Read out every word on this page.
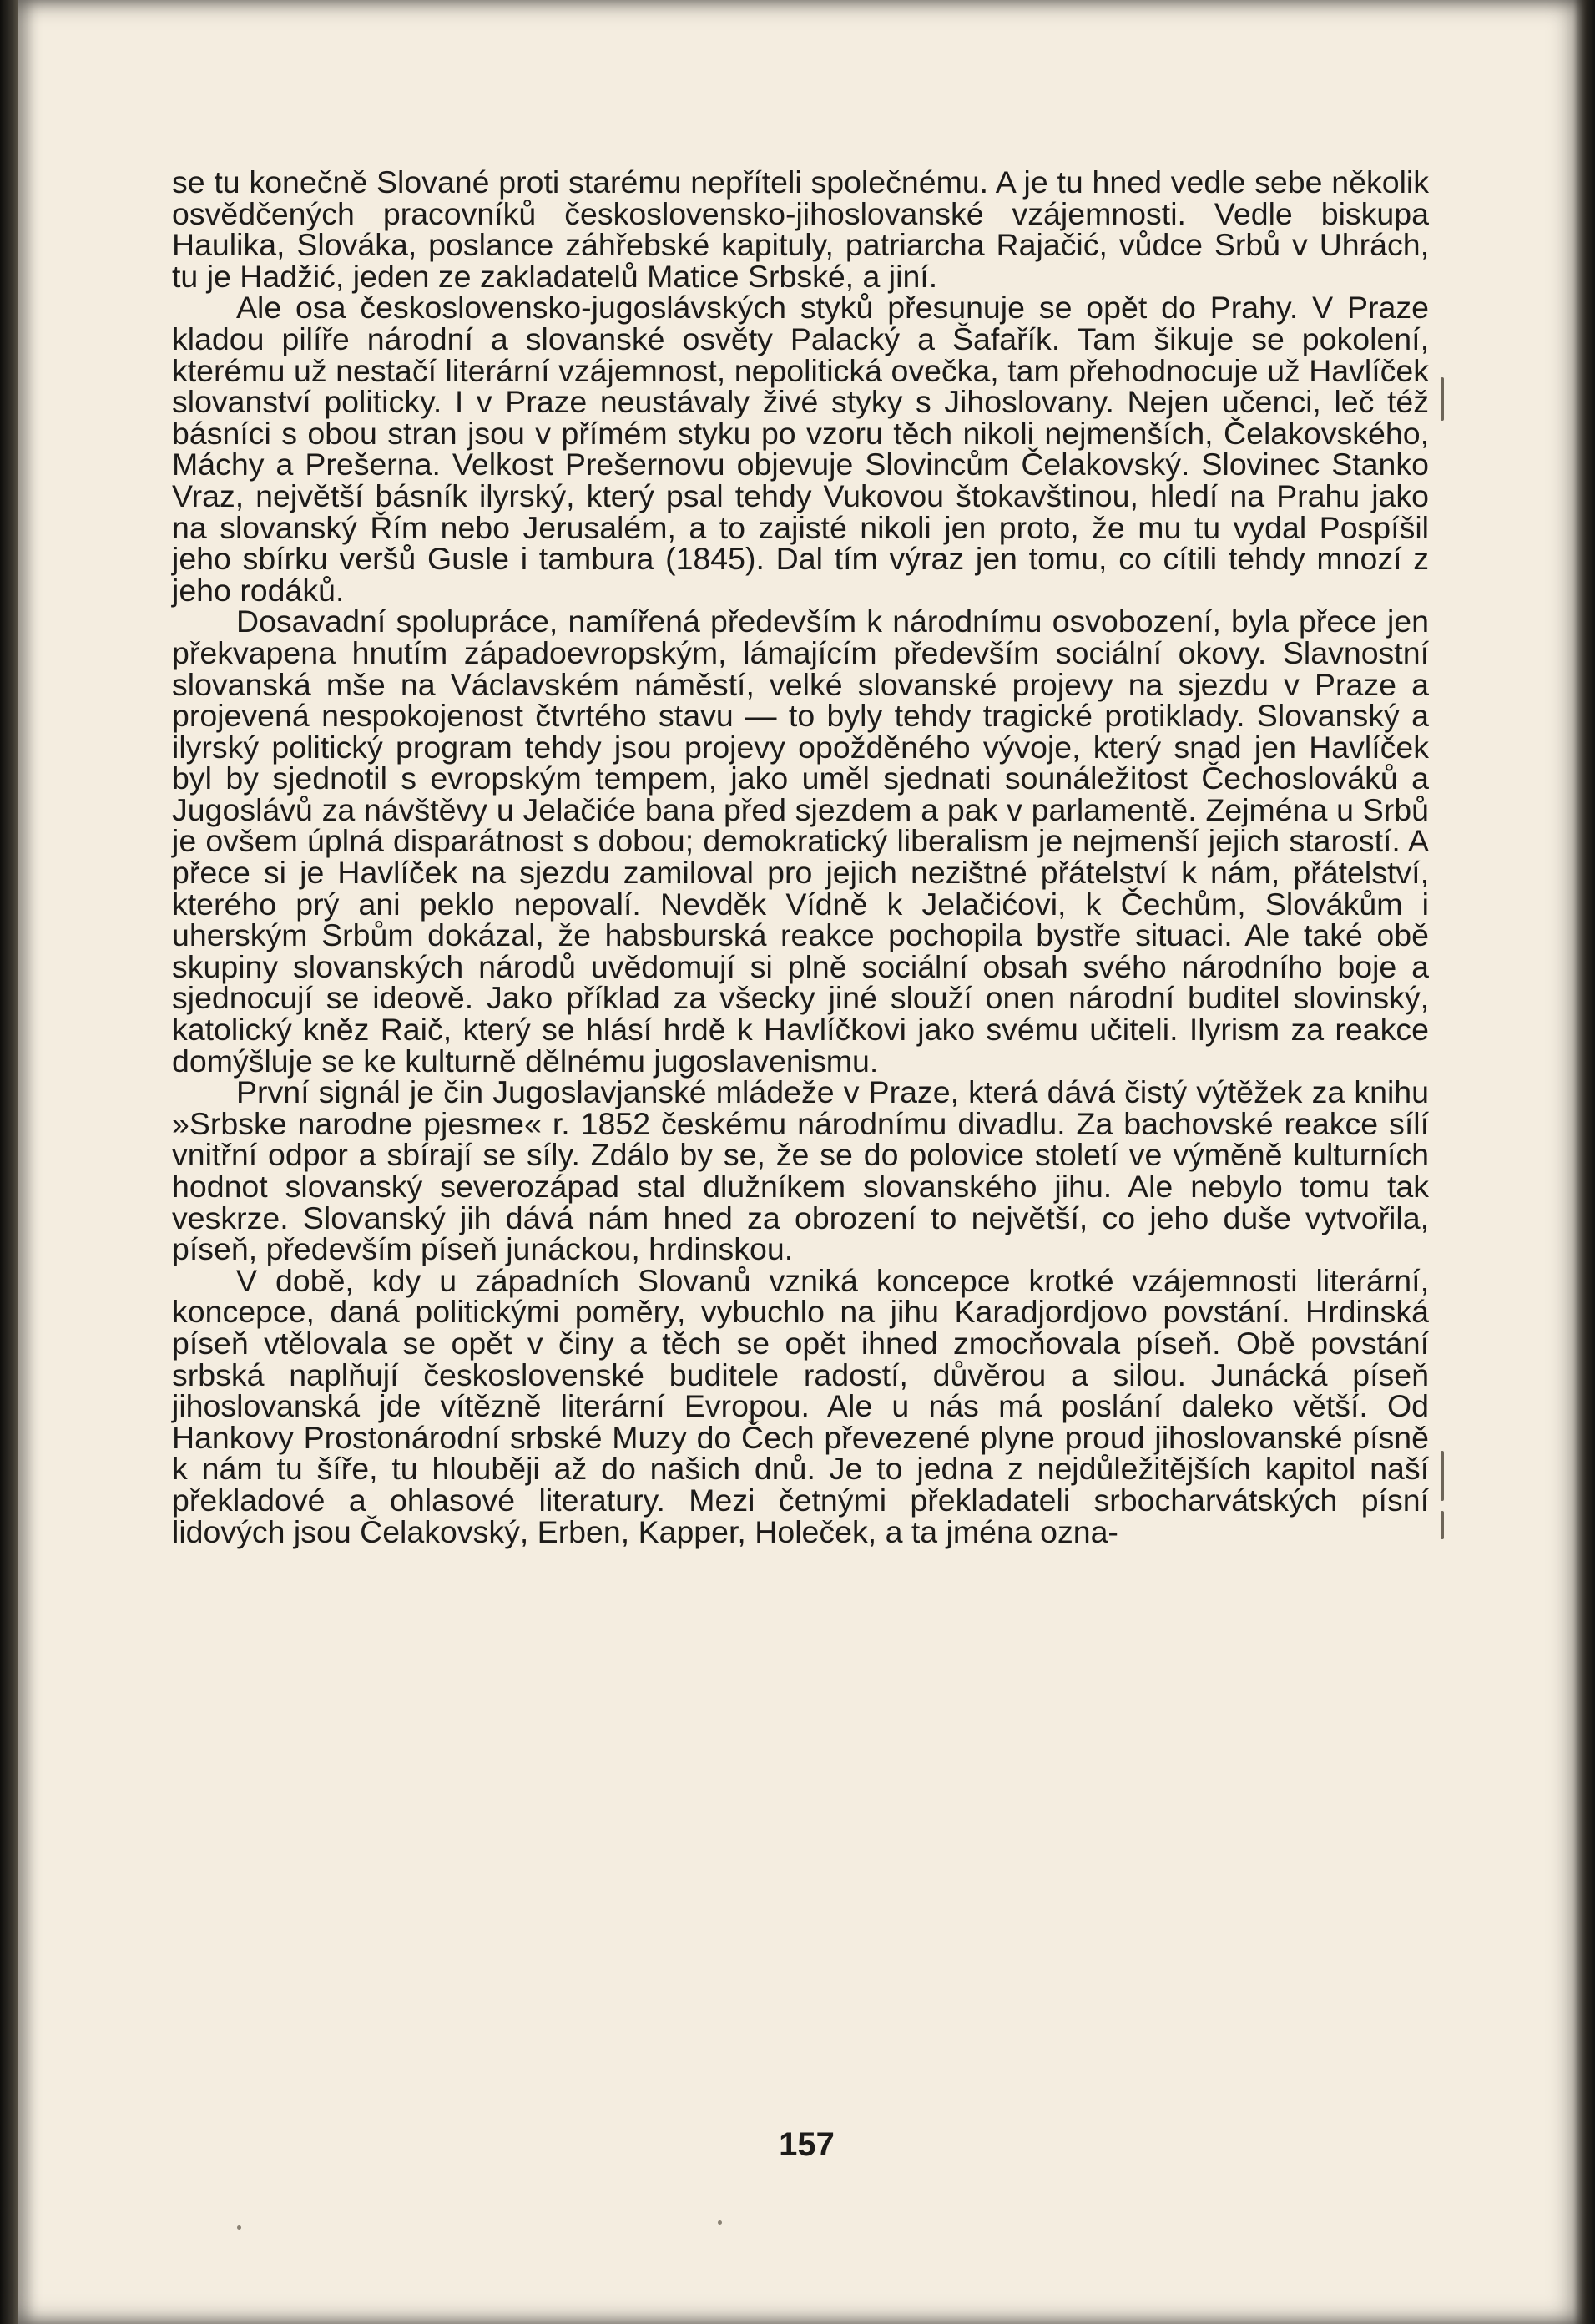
se tu konečně Slované proti starému nepříteli společnému. A je tu hned vedle sebe několik osvědčených pracovníků československo-jihoslovanské vzájemnosti. Vedle biskupa Haulika, Slováka, poslance záhřebské kapituly, patriarcha Rajačić, vůdce Srbů v Uhrách, tu je Hadžić, jeden ze zakladatelů Matice Srbské, a jiní.

Ale osa československo-jugoslávských styků přesunuje se opět do Prahy. V Praze kladou pilíře národní a slovanské osvěty Palacký a Šafařík. Tam šikuje se pokolení, kterému už nestačí literární vzájemnost, nepolitická ovečka, tam přehodnocuje už Havlíček slovanství politicky. I v Praze neustávaly živé styky s Jihoslovany. Nejen učenci, leč též básníci s obou stran jsou v přímém styku po vzoru těch nikoli nejmenších, Čelakovského, Máchy a Prešerna. Velkost Prešernovu objevuje Slovincům Čelakovský. Slovinec Stanko Vraz, největší básník ilyrský, který psal tehdy Vukovou štokavštinou, hledí na Prahu jako na slovanský Řím nebo Jerusalém, a to zajisté nikoli jen proto, že mu tu vydal Pospíšil jeho sbírku veršů Gusle i tambura (1845). Dal tím výraz jen tomu, co cítili tehdy mnozí z jeho rodáků.

Dosavadní spolupráce, namířená především k národnímu osvobození, byla přece jen překvapena hnutím západoevropským, lámajícím především sociální okovy. Slavnostní slovanská mše na Václavském náměstí, velké slovanské projevy na sjezdu v Praze a projevená nespokojenost čtvrtého stavu — to byly tehdy tragické protiklady. Slovanský a ilyrský politický program tehdy jsou projevy opožděného vývoje, který snad jen Havlíček byl by sjednotil s evropským tempem, jako uměl sjednati sounáležitost Čechoslováků a Jugoslávů za návštěvy u Jelačiće bana před sjezdem a pak v parlamentě. Zejména u Srbů je ovšem úplná disparátnost s dobou; demokratický liberalism je nejmenší jejich starostí. A přece si je Havlíček na sjezdu zamiloval pro jejich nezištné přátelství k nám, přátelství, kterého prý ani peklo nepovalí. Nevděk Vídně k Jelačićovi, k Čechům, Slovákům i uherským Srbům dokázal, že habsburská reakce pochopila bystře situaci. Ale také obě skupiny slovanských národů uvědomují si plně sociální obsah svého národního boje a sjednocují se ideově. Jako příklad za všecky jiné slouží onen národní buditel slovinský, katolický kněz Raič, který se hlásí hrdě k Havlíčkovi jako svému učiteli. Ilyrism za reakce domýšluje se ke kulturně dělnému jugoslavenismu.

První signál je čin Jugoslavjanské mládeže v Praze, která dává čistý výtěžek za knihu »Srbske narodne pjesme« r. 1852 českému národnímu divadlu. Za bachovské reakce sílí vnitřní odpor a sbírají se síly. Zdálo by se, že se do polovice století ve výměně kulturních hodnot slovanský severozápad stal dlužníkem slovanského jihu. Ale nebylo tomu tak veskrze. Slovanský jih dává nám hned za obrození to největší, co jeho duše vytvořila, píseň, především píseň junáckou, hrdinskou.

V době, kdy u západních Slovanů vzniká koncepce krotké vzájemnosti literární, koncepce, daná politickými poměry, vybuchlo na jihu Karadjordjovo povstání. Hrdinská píseň vtělovala se opět v činy a těch se opět ihned zmocňovala píseň. Obě povstání srbská naplňují československé buditele radostí, důvěrou a silou. Junácká píseň jihoslovanská jde vítězně literární Evropou. Ale u nás má poslání daleko větší. Od Hankovy Prostonárodní srbské Muzy do Čech převezené plyne proud jihoslovanské písně k nám tu šíře, tu hlouběji až do našich dnů. Je to jedna z nejdůležitějších kapitol naší překladové a ohlasové literatury. Mezi četnými překladateli srbocharvátských písní lidových jsou Čelakovský, Erben, Kapper, Holeček, a ta jména ozna-

157
